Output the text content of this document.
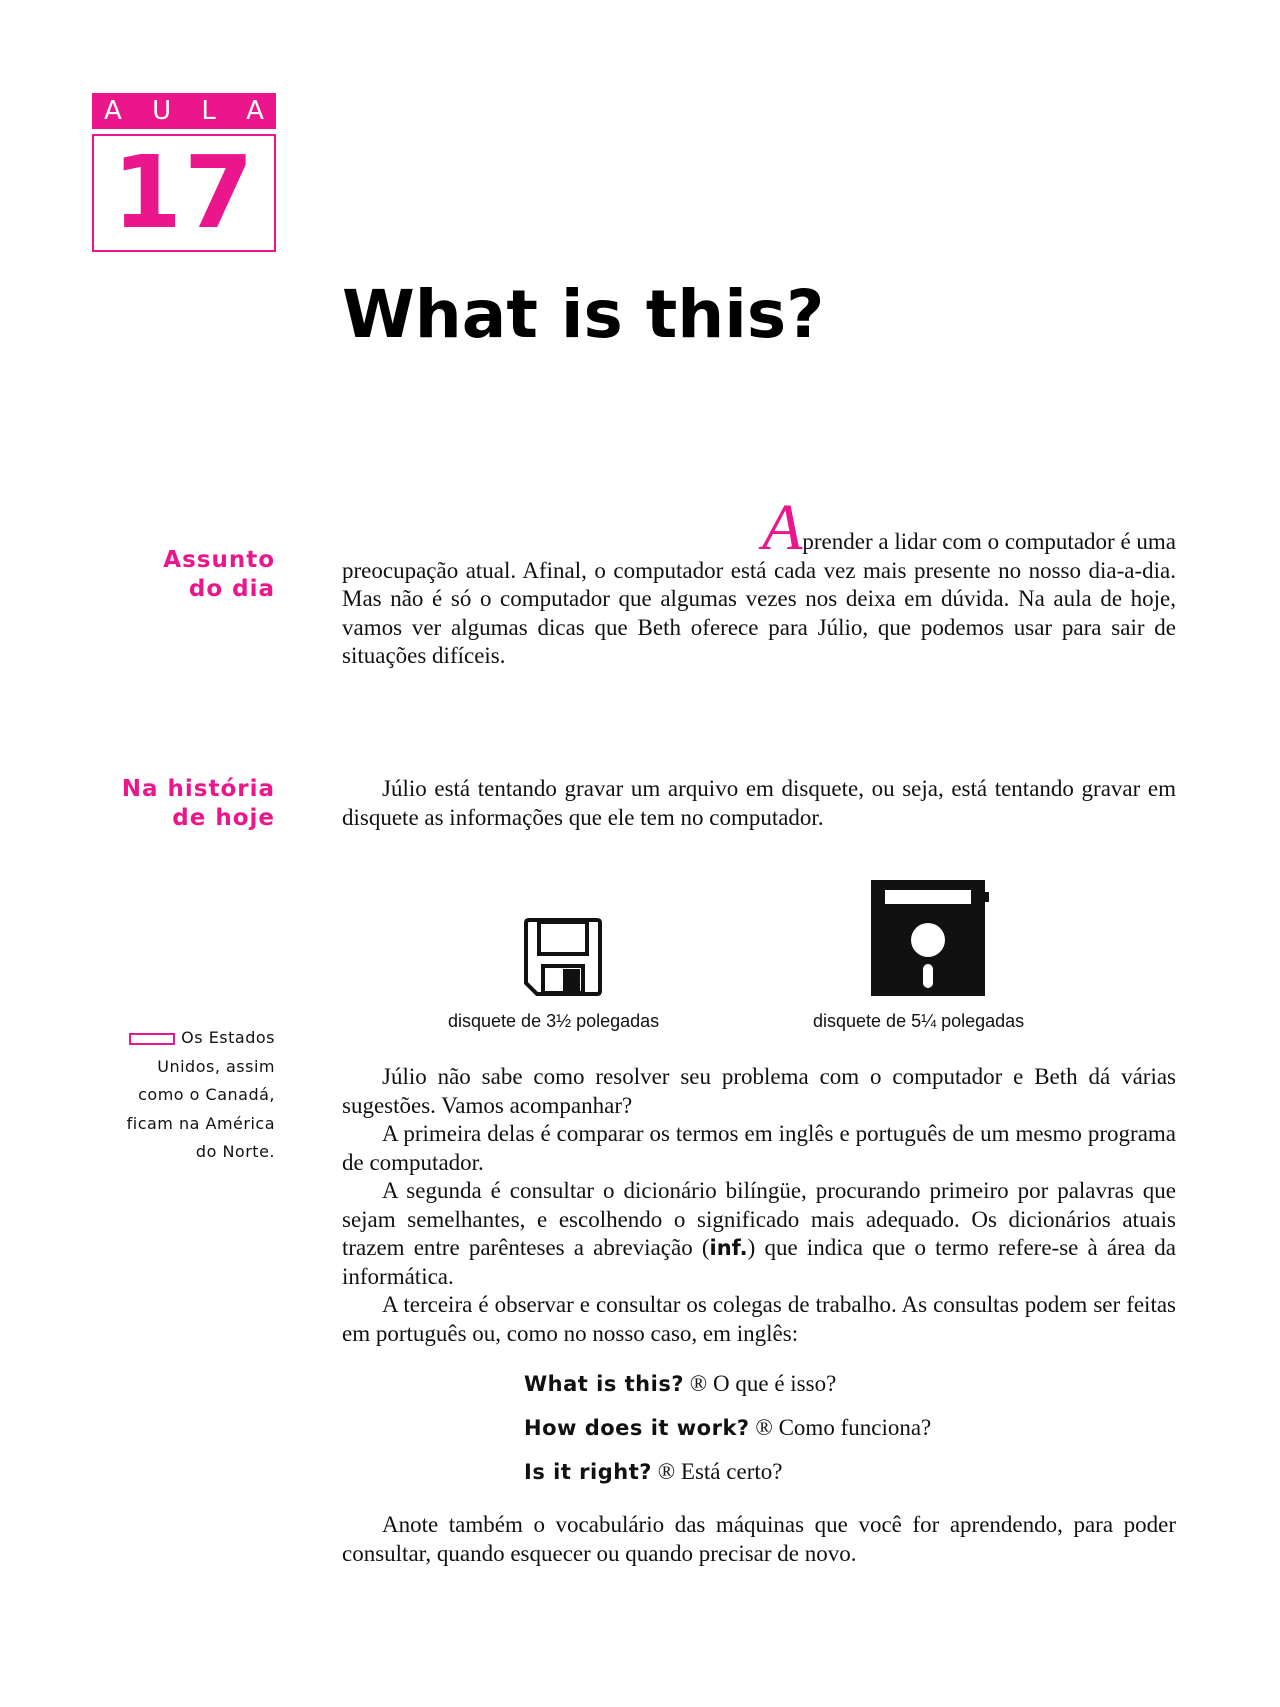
A U L A
17
What is this?
Assunto
do dia
Aprender a lidar com o computador é uma

preocupação atual. Afinal, o computador está cada vez mais presente no nosso dia-a-dia. Mas não é só o computador que algumas vezes nos deixa em dúvida. Na aula de hoje, vamos ver algumas dicas que Beth oferece para Júlio, que podemos usar para sair de situações difíceis.

Na história
de hoje

Júlio está tentando gravar um arquivo em disquete, ou seja, está tentando gravar em disquete as informações que ele tem no computador.

disquete de 3½ polegadas	disquete de 5¼ polegadas
Os Estados
Unidos, assim
como o Canadá,
ficam na América
do Norte.

Júlio não sabe como resolver seu problema com o computador e Beth dá várias sugestões. Vamos acompanhar?

A primeira delas é comparar os termos em inglês e português de um mesmo programa de computador.

A segunda é consultar o dicionário bilíngüe, procurando primeiro por palavras que sejam semelhantes, e escolhendo o significado mais adequado. Os dicionários atuais trazem entre parênteses a abreviação (inf.) que indica que o termo refere-se à área da informática.

A terceira é observar e consultar os colegas de trabalho. As consultas podem ser feitas em português ou, como no nosso caso, em inglês:

What is this? ® O que é isso?
How does it work? ® Como funciona?
Is it right? ® Está certo?

Anote também o vocabulário das máquinas que você for aprendendo, para poder consultar, quando esquecer ou quando precisar de novo.
